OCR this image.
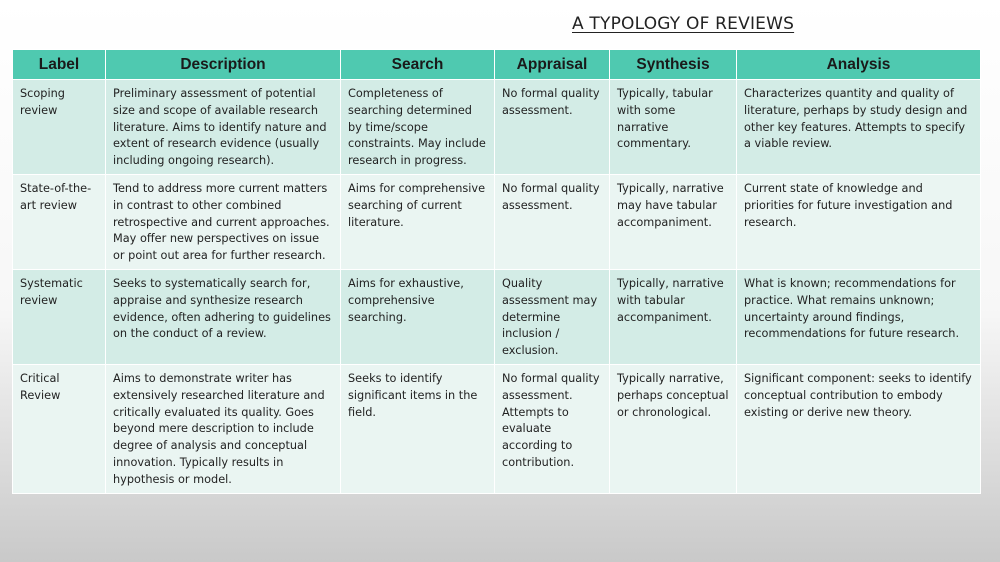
A TYPOLOGY OF REVIEWS
Label	Description	Search	Appraisal	Synthesis	Analysis
Scoping review	Preliminary assessment of potential size and scope of available research literature. Aims to identify nature and extent of research evidence (usually including ongoing research).	Completeness of searching determined by time/scope constraints. May include research in progress.	No formal quality assessment.	Typically, tabular with some narrative commentary.	Characterizes quantity and quality of literature, perhaps by study design and other key features. Attempts to specify a viable review.
State-of-the-art review	Tend to address more current matters in contrast to other combined retrospective and current approaches. May offer new perspectives on issue or point out area for further research.	Aims for comprehensive searching of current literature.	No formal quality assessment.	Typically, narrative may have tabular accompaniment.	Current state of knowledge and priorities for future investigation and research.
Systematic review	Seeks to systematically search for, appraise and synthesize research evidence, often adhering to guidelines on the conduct of a review.	Aims for exhaustive, comprehensive searching.	Quality assessment may determine inclusion / exclusion.	Typically, narrative with tabular accompaniment.	What is known; recommendations for practice. What remains unknown; uncertainty around findings, recommendations for future research.
Critical Review	Aims to demonstrate writer has extensively researched literature and critically evaluated its quality. Goes beyond mere description to include degree of analysis and conceptual innovation. Typically results in hypothesis or model.	Seeks to identify significant items in the field.	No formal quality assessment. Attempts to evaluate according to contribution.	Typically narrative, perhaps conceptual or chronological.	Significant component: seeks to identify conceptual contribution to embody existing or derive new theory.
